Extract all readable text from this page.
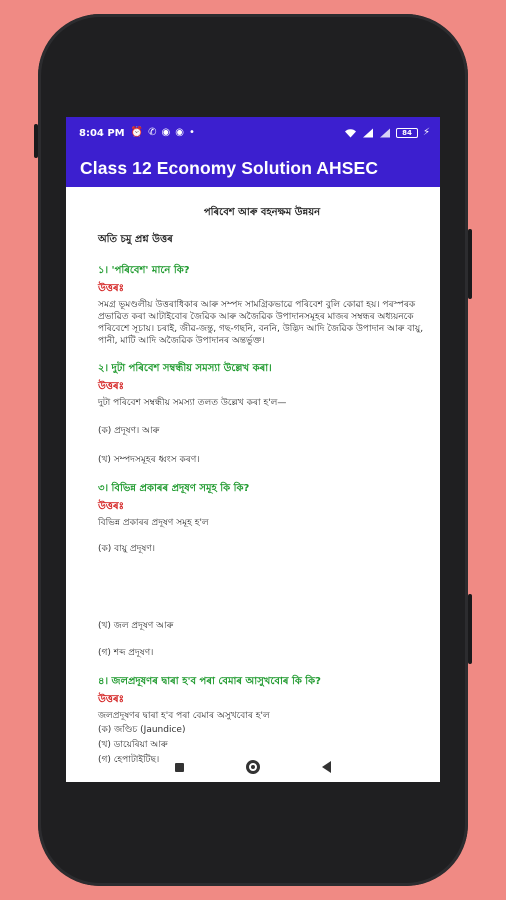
8:04 PM ⏰ ✆ ◉ ◉ •	84 ⚡
Class 12 Economy Solution AHSEC
পৰিবেশ আৰু বহনক্ষম উন্নয়ন
অতি চমু প্ৰশ্ন উত্তৰ
১। 'পৰিবেশ' মানে কি?
উত্তৰঃ
সমগ্ৰ ভূমণ্ডলীয় উত্তৰাধিকাৰ আৰু সম্পদ সামগ্ৰিকভাৱে পৰিবেশ বুলি কোৱা হয়। পৰস্পৰক প্ৰভাৱিত কৰা আটাইবোৰ জৈৱিক আৰু অজৈৱিক উপাদানসমূহৰ মাজৰ সম্বন্ধৰ অধ্যয়নকে পৰিবেশে সূচায়। চৰাই, জীৱ-জন্তু, গছ-গছনি, বননি, উদ্ভিদ আদি জৈৱিক উপাদান আৰু বায়ু, পানী, মাটি আদি অজৈৱিক উপাদানৰ অন্তৰ্ভুক্ত।
২। দুটা পৰিবেশ সম্বন্ধীয় সমস্যা উল্লেখ কৰা।
উত্তৰঃ
দুটা পৰিবেশ সম্বন্ধীয় সমস্যা তলত উল্লেখ কৰা হ'ল—
(ক) প্ৰদূষণ। আৰু
(খ) সম্পদসমূহৰ ধ্বংস কৰণ।
৩। বিভিন্ন প্ৰকাৰৰ প্ৰদূষণ সমূহ কি কি?
উত্তৰঃ
বিভিন্ন প্ৰকাৰৰ প্ৰদূষণ সমূহ হ'ল
(ক) বায়ু প্ৰদূষণ।
(খ) জল প্ৰদূষণ আৰু
(গ) শব্দ প্ৰদূষণ।
৪। জলপ্ৰদূষণৰ দ্বাৰা হ'ব পৰা বেমাৰ আসুখবোৰ কি কি?
উত্তৰঃ
জলপ্ৰদূষণৰ দ্বাৰা হ'ব পৰা বেমাৰ অসুখবোৰ হ'ল
(ক) জণ্ডিচ (Jaundice)
(খ) ডায়েৰিয়া আৰু
(গ) হেপাটাইটিছ।
